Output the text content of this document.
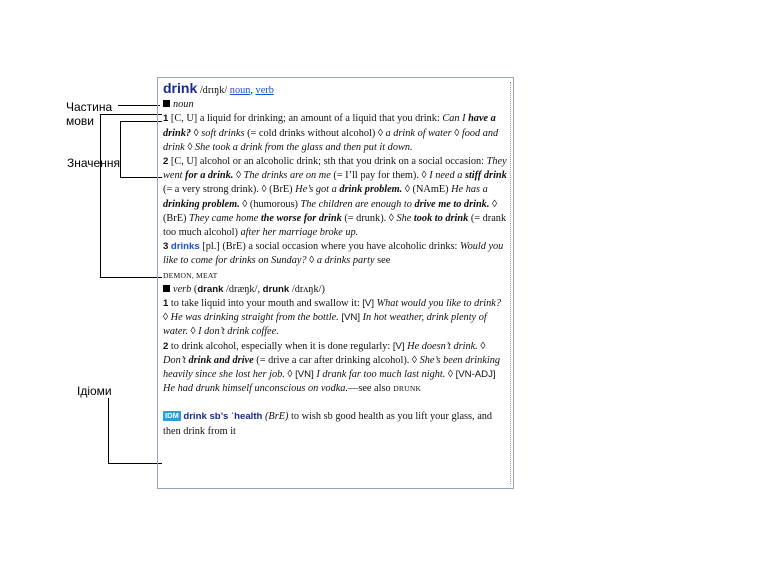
Частина
мови
Значення
Ідіоми

drink /drɪŋk/ noun, verb

noun

1 [C, U] a liquid for drinking; an amount of a liquid that you drink: Can I have a drink? ◊ soft drinks (= cold drinks without alcohol) ◊ a drink of water ◊ food and drink ◊ She took a drink from the glass and then put it down.

2 [C, U] alcohol or an alcoholic drink; sth that you drink on a social occasion: They went for a drink. ◊ The drinks are on me (= I’ll pay for them). ◊ I need a stiff drink (= a very strong drink). ◊ (BrE) He’s got a drink problem. ◊ (NAmE) He has a drinking problem. ◊ (humorous) The children are enough to drive me to drink. ◊ (BrE) They came home the worse for drink (= drunk). ◊ She took to drink (= drank too much alcohol) after her marriage broke up.

3 drinks [pl.] (BrE) a social occasion where you have alcoholic drinks: Would you like to come for drinks on Sunday? ◊ a drinks party see
DEMON, MEAT

verb (drank /dræŋk/, drunk /drʌŋk/)

1 to take liquid into your mouth and swallow it: [V] What would you like to drink? ◊ He was drinking straight from the bottle. [VN] In hot weather, drink plenty of water. ◊ I don’t drink coffee.

2 to drink alcohol, especially when it is done regularly: [V] He doesn’t drink. ◊ Don’t drink and drive (= drive a car after drinking alcohol). ◊ She’s been drinking heavily since she lost her job. ◊ [VN] I drank far too much last night. ◊ [VN-ADJ] He had drunk himself unconscious on vodka.—see also DRUNK

IDM drink sb’s ˈhealth (BrE) to wish sb good health as you lift your glass, and then drink from it
